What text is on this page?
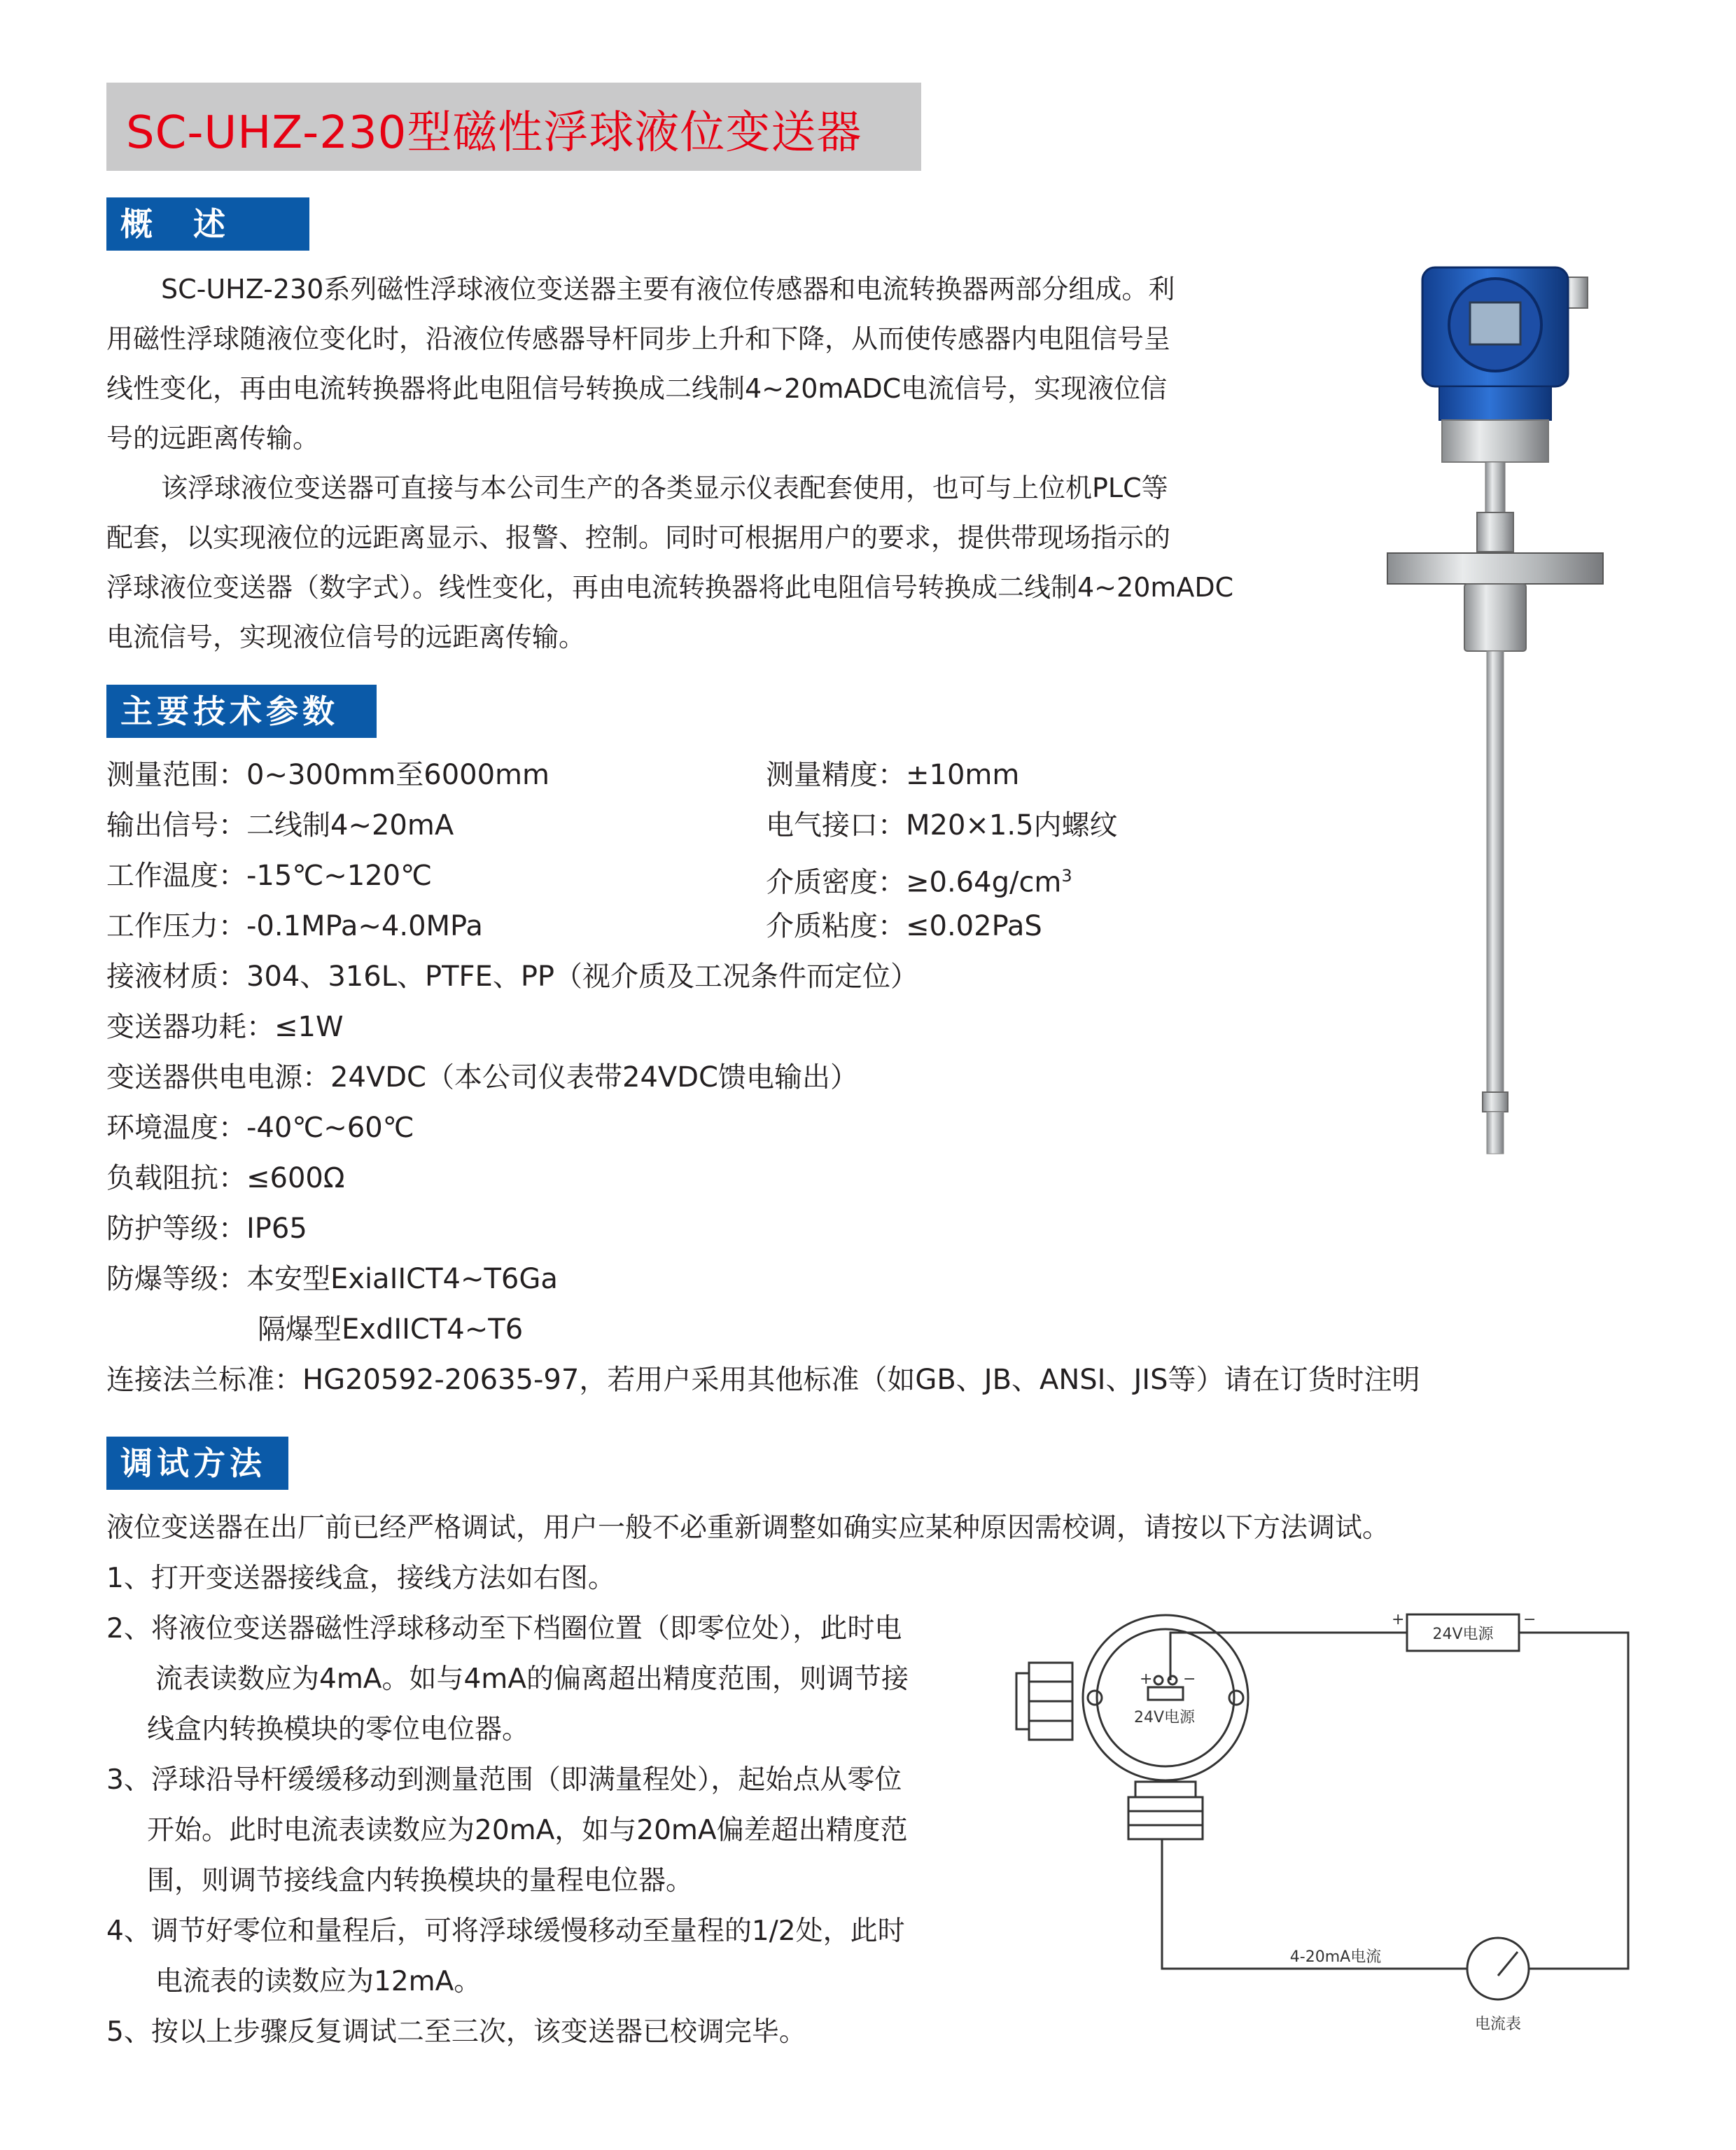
SC-UHZ-230型磁性浮球液位变送器
概　述
SC-UHZ-230系列磁性浮球液位变送器主要有液位传感器和电流转换器两部分组成。利
用磁性浮球随液位变化时，沿液位传感器导杆同步上升和下降，从而使传感器内电阻信号呈
线性变化，再由电流转换器将此电阻信号转换成二线制4~20mADC电流信号，实现液位信
号的远距离传输。
该浮球液位变送器可直接与本公司生产的各类显示仪表配套使用，也可与上位机PLC等
配套，以实现液位的远距离显示、报警、控制。同时可根据用户的要求，提供带现场指示的
浮球液位变送器（数字式）。线性变化，再由电流转换器将此电阻信号转换成二线制4~20mADC
电流信号，实现液位信号的远距离传输。
主要技术参数
测量范围：0~300mm至6000mm	测量精度：±10mm
输出信号：二线制4~20mA	电气接口：M20×1.5内螺纹
工作温度：-15℃~120℃	介质密度：$\ge 0.64g/cm^3$
工作压力：-0.1MPa~4.0MPa	介质粘度：≤0.02PaS
接液材质：304、316L、PTFE、PP（视介质及工况条件而定位）
变送器功耗：≤1W
变送器供电电源：24VDC（本公司仪表带24VDC馈电输出）
环境温度：-40℃~60℃
负载阻抗：≤600Ω
防护等级：IP65
防爆等级：本安型ExiaIICT4~T6Ga
隔爆型ExdIICT4~T6
连接法兰标准：HG20592-20635-97，若用户采用其他标准（如GB、JB、ANSI、JIS等）请在订货时注明
调试方法
液位变送器在出厂前已经严格调试，用户一般不必重新调整如确实应某种原因需校调，请按以下方法调试。
1、打开变送器接线盒，接线方法如右图。
2、将液位变送器磁性浮球移动至下档圈位置（即零位处），此时电
流表读数应为4mA。如与4mA的偏离超出精度范围，则调节接
线盒内转换模块的零位电位器。
3、浮球沿导杆缓缓移动到测量范围（即满量程处），起始点从零位
开始。此时电流表读数应为20mA，如与20mA偏差超出精度范
围，则调节接线盒内转换模块的量程电位器。
4、调节好零位和量程后，可将浮球缓慢移动至量程的1/2处，此时
电流表的读数应为12mA。
5、按以上步骤反复调试二至三次，该变送器已校调完毕。
+ −
24V电源
+	−
24V电源
4-20mA电流
电流表
